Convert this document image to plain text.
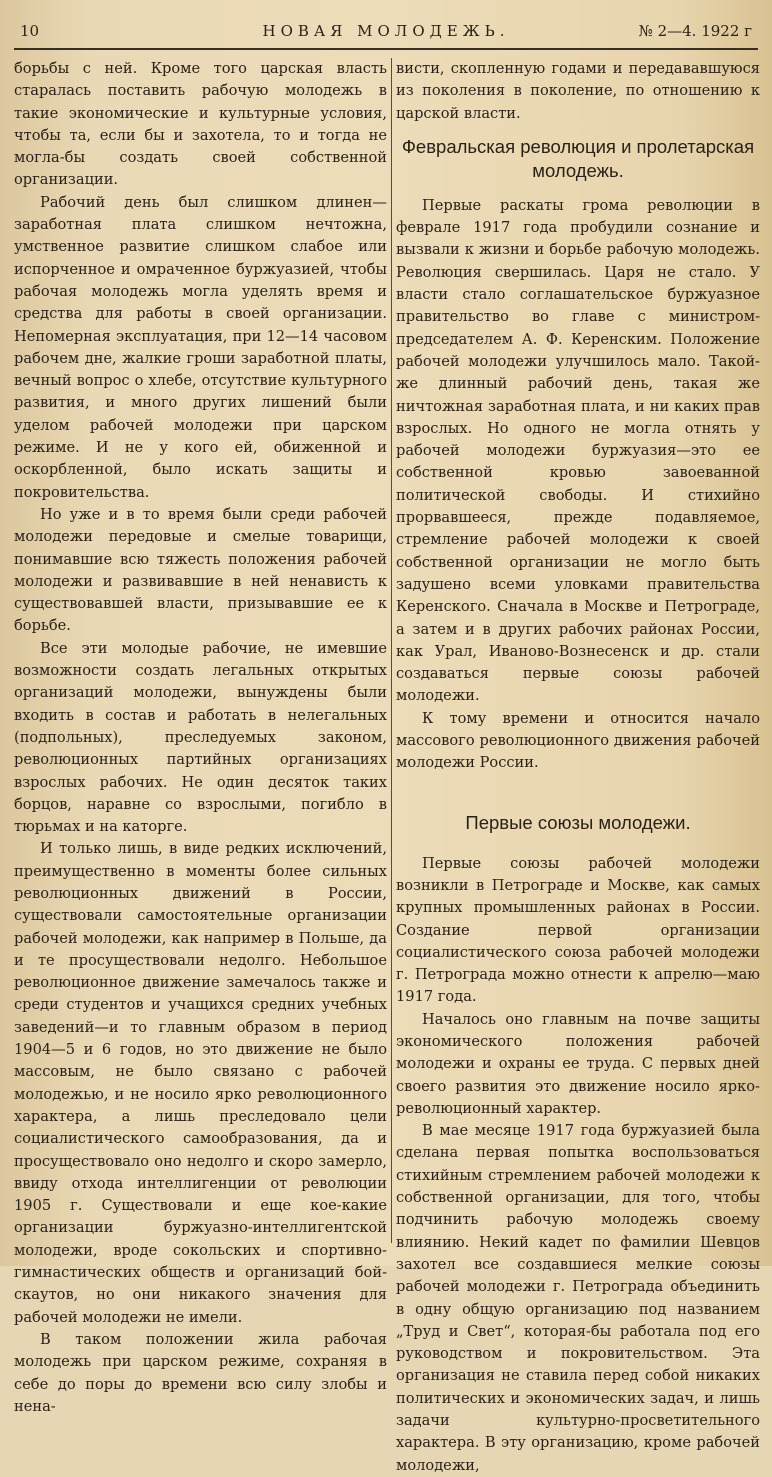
10	НОВАЯ МОЛОДЕЖЬ.	№ 2—4. 1922 г

борьбы с ней. Кроме того царская власть старалась поставить рабочую молодежь в такие экономические и культурные условия, чтобы та, если бы и захотела, то и тогда не могла-бы создать своей собственной организации.

Рабочий день был слишком длинен—заработная плата слишком нечтожна, умственное развитие слишком слабое или испорченное и омраченное буржуазией, чтобы рабочая молодежь могла уделять время и средства для работы в своей организации. Непомерная эксплуатация, при 12—14 часовом рабочем дне, жалкие гроши заработной платы, вечный вопрос о хлебе, отсутствие культурного развития, и много других лишений были уделом рабочей молодежи при царском режиме. И не у кого ей, обиженной и оскорбленной, было искать защиты и покровительства.

Но уже и в то время были среди рабочей молодежи передовые и смелые товарищи, понимавшие всю тяжесть положения рабочей молодежи и развивавшие в ней ненависть к существовавшей власти, призывавшие ее к борьбе.

Все эти молодые рабочие, не имевшие возможности создать легальных открытых организаций молодежи, вынуждены были входить в состав и работать в нелегальных (подпольных), преследуемых законом, революционных партийных организациях взрослых рабочих. Не один десяток таких борцов, наравне со взрослыми, погибло в тюрьмах и на каторге.

И только лишь, в виде редких исключений, преимущественно в моменты более сильных революционных движений в России, существовали самостоятельные организации рабочей молодежи, как например в Польше, да и те просуществовали недолго. Небольшое революционное движение замечалось также и среди студентов и учащихся средних учебных заведений—и то главным образом в период 1904—5 и 6 годов, но это движение не было массовым, не было связано с рабочей молодежью, и не носило ярко революционного характера, а лишь преследовало цели социалистического самообразования, да и просуществовало оно недолго и скоро замерло, ввиду отхода интеллигенции от революции 1905 г. Существовали и еще кое-какие организации буржуазно-интеллигентской молодежи, вроде сокольских и спортивно-гимнастических обществ и организаций бой-скаутов, но они никакого значения для рабочей молодежи не имели.

В таком положении жила рабочая молодежь при царском режиме, сохраняя в себе до поры до времени всю силу злобы и нена-

висти, скопленную годами и передававшуюся из поколения в поколение, по отношению к царской власти.

Февральская революция и пролетарская молодежь.

Первые раскаты грома революции в феврале 1917 года пробудили сознание и вызвали к жизни и борьбе рабочую молодежь. Революция свершилась. Царя не стало. У власти стало соглашательское буржуазное правительство во главе с министром-председателем А. Ф. Керенским. Положение рабочей молодежи улучшилось мало. Такой-же длинный рабочий день, такая же ничтожная заработная плата, и ни каких прав взрослых. Но одного не могла отнять у рабочей молодежи буржуазия—это ее собственной кровью завоеванной политической свободы. И стихийно прорвавшееся, прежде подавляемое, стремление рабочей молодежи к своей собственной организации не могло быть задушено всеми уловками правительства Керенского. Сначала в Москве и Петрограде, а затем и в других рабочих районах России, как Урал, Иваново-Вознесенск и др. стали создаваться первые союзы рабочей молодежи.

К тому времени и относится начало массового революционного движения рабочей молодежи России.

Первые союзы молодежи.

Первые союзы рабочей молодежи возникли в Петроградe и Москве, как самых крупных промышленных районах в России. Создание первой организации социалистического союза рабочей молодежи г. Петрограда можно отнести к апрелю—маю 1917 года.

Началось оно главным на почве защиты экономического положения рабочей молодежи и охраны ее труда. С первых дней своего развития это движение носило ярко-революционный характер.

В мае месяце 1917 года буржуазией была сделана первая попытка воспользоваться стихийным стремлением рабочей молодежи к собственной организации, для того, чтобы подчинить рабочую молодежь своему влиянию. Некий кадет по фамилии Шевцов захотел все создавшиеся мелкие союзы рабочей молодежи г. Петрограда объединить в одну общую организацию под названием „Труд и Свет“, которая-бы работала под его руководством и покровительством. Эта организация не ставила перед собой никаких политических и экономических задач, и лишь задачи культурно-просветительного характера. В эту организацию, кроме рабочей молодежи,
